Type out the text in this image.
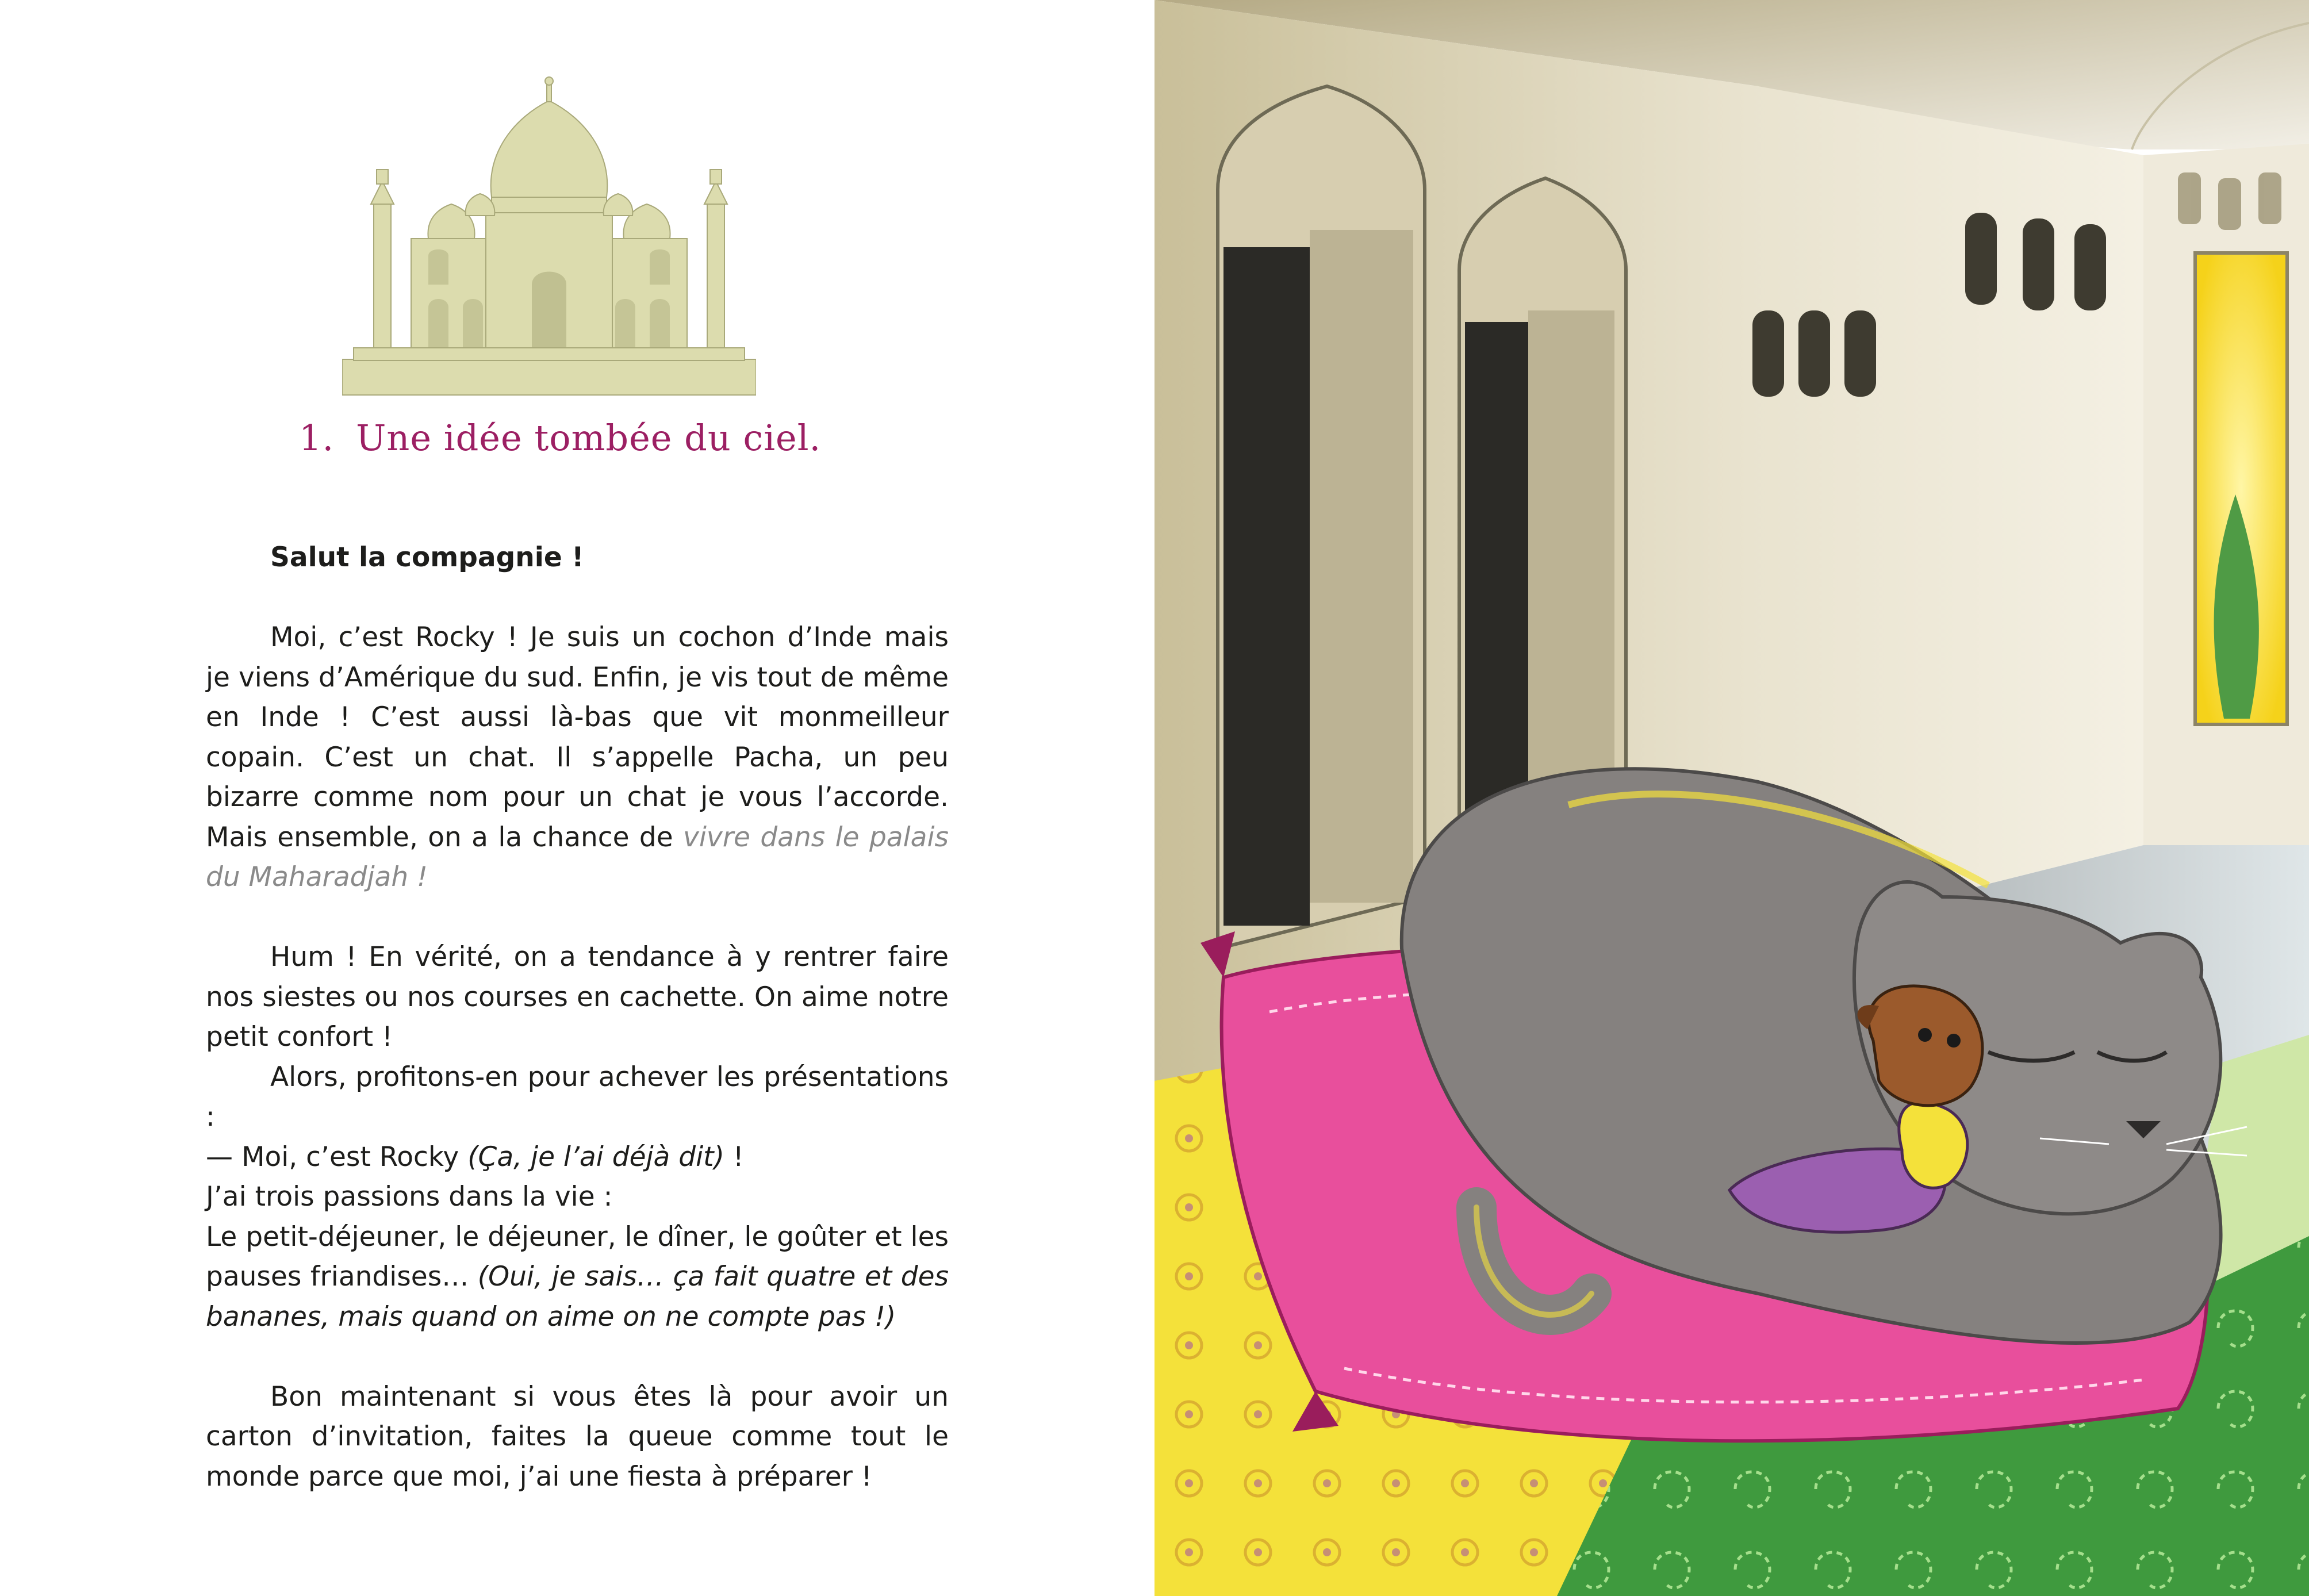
1. Une idée tombée du ciel.

Salut la compagnie !

Moi, c’est Rocky ! Je suis un cochon d’Inde mais je viens d’Amérique du sud. Enfin, je vis tout de même en Inde ! C’est aussi là-bas que vit monmeilleur copain. C’est un chat. Il s’appelle Pacha, un peu bizarre comme nom pour un chat je vous l’accorde. Mais ensemble, on a la chance de vivre dans le palais du Maharadjah !

Hum ! En vérité, on a tendance à y rentrer faire nos siestes ou nos courses en cachette. On aime notre petit confort !

Alors, profitons-en pour achever les présentations :

— Moi, c’est Rocky (Ça, je l’ai déjà dit) !

J’ai trois passions dans la vie :

Le petit-déjeuner, le déjeuner, le dîner, le goûter et les pauses friandises… (Oui, je sais… ça fait quatre et des bananes, mais quand on aime on ne compte pas !)

Bon maintenant si vous êtes là pour avoir un carton d’invitation, faites la queue comme tout le monde parce que moi, j’ai une fiesta à préparer !
